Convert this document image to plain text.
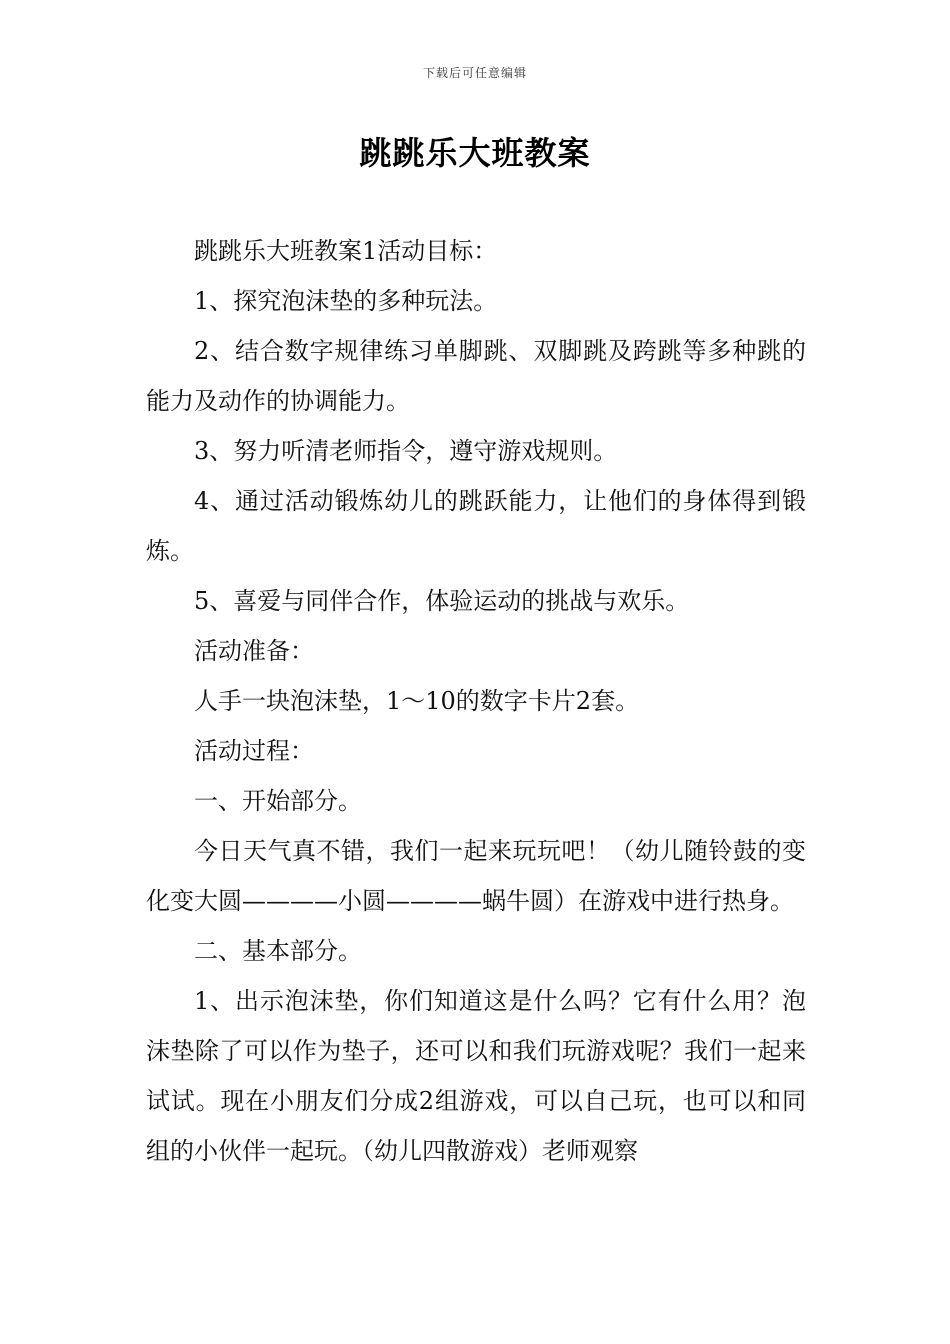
下载后可任意编辑
跳跳乐大班教案

跳跳乐大班教案1活动目标：

1、探究泡沫垫的多种玩法。

2、结合数字规律练习单脚跳、双脚跳及跨跳等多种跳的能力及动作的协调能力。

3、努力听清老师指令，遵守游戏规则。

4、通过活动锻炼幼儿的跳跃能力，让他们的身体得到锻炼。

5、喜爱与同伴合作，体验运动的挑战与欢乐。

活动准备：

人手一块泡沫垫，1～10的数字卡片2套。

活动过程：

一、开始部分。

今日天气真不错，我们一起来玩玩吧！（幼儿随铃鼓的变化变大圆————小圆————蜗牛圆）在游戏中进行热身。

二、基本部分。

1、出示泡沫垫，你们知道这是什么吗？它有什么用？泡沫垫除了可以作为垫子，还可以和我们玩游戏呢？我们一起来试试。现在小朋友们分成2组游戏，可以自己玩，也可以和同组的小伙伴一起玩。（幼儿四散游戏）老师观察
